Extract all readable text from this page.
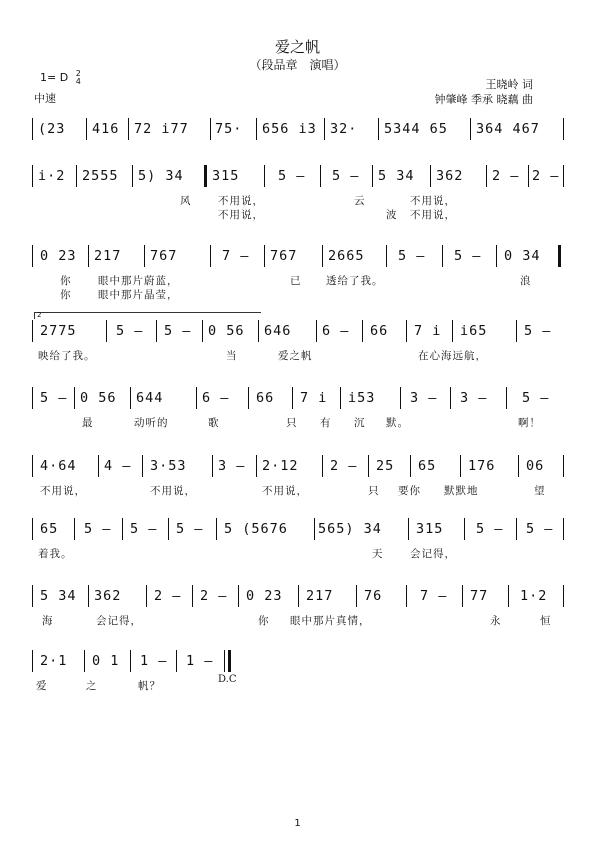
爱之帆
（段品章　演唱）
1= D 2
4
中速
王晓岭 词
钟肇峰 季承 晓藕 曲
(23 416 72 i77 75· 656 i3 32· 5344 65 364 467
i·2 2555 5) 34 315	5 – 5 – 5 34 362 2 – 2 –
风	不用说，	云	不用说，
不用说，	波 不用说，
0 23 217 767	7 – 767 2665 5 – 5 – 0 34
你	眼中那片蔚蓝，	已 透给了我。	浪
你	眼中那片晶莹，
2
2775	5 – 5 – 0 56 646 6 – 66 7 i i65	5 –
映给了我。	当	爱之帆	在心海远航，
5 – 0 56 644	6 – 66 7 i i53	3 – 3 –	5 –
最	动听的	歌	只 有 沉 默。	啊！
4·64 4 – 3·53 3 – 2·12 2 – 25 65 176 06
不用说，	不用说，	不用说，	只 要你 默默地	望
65 5 – 5 – 5 – 5 (5676 565) 34	315 5 – 5 –
着我。	天	会记得，
5 34 362 2 – 2 – 0 23 217 76	7 – 77 1·2
海	会记得，	你 眼中那片真情，	永	恒
2·1 0 1 1 – 1 –
爱	之	帆？
D.C
1
